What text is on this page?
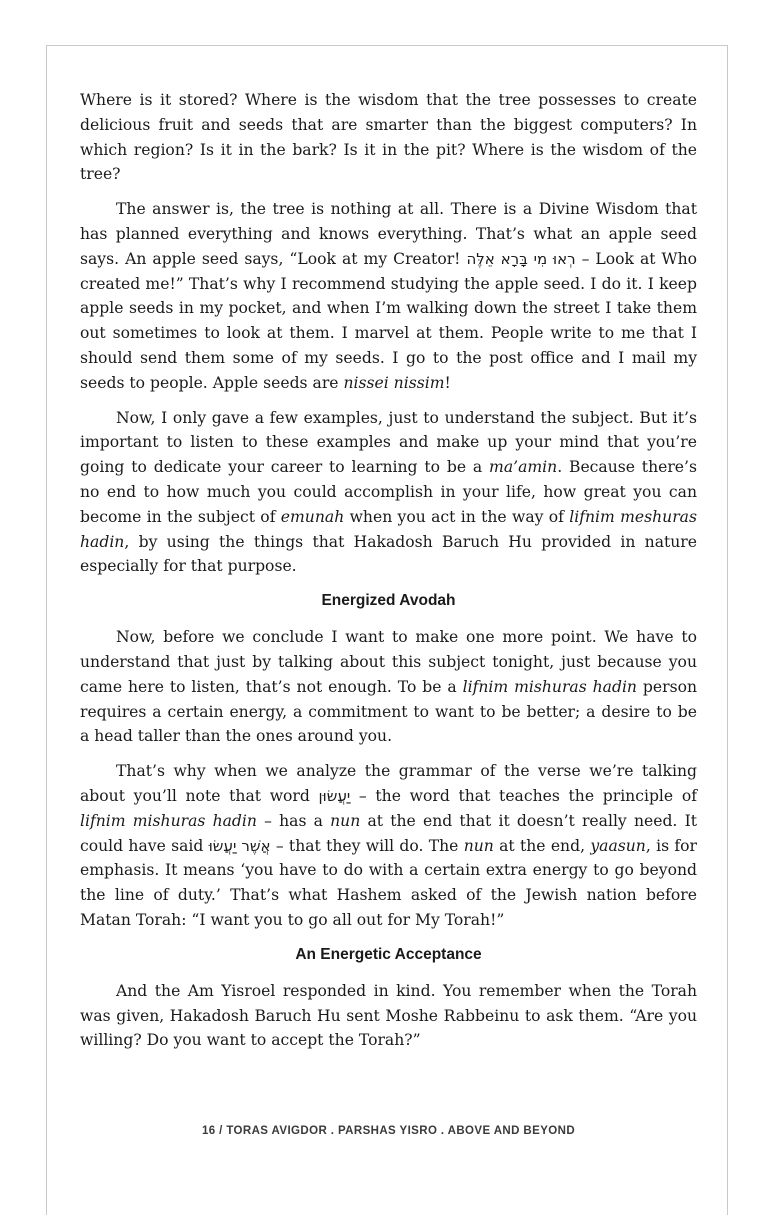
Where is it stored? Where is the wisdom that the tree possesses to create delicious fruit and seeds that are smarter than the biggest computers? In which region? Is it in the bark? Is it in the pit? Where is the wisdom of the tree?

The answer is, the tree is nothing at all. There is a Divine Wisdom that has planned everything and knows everything. That’s what an apple seed says. An apple seed says, “Look at my Creator! רְאוּ מִי בָּרָא אֵלֶּה – Look at Who created me!” That’s why I recommend studying the apple seed. I do it. I keep apple seeds in my pocket, and when I’m walking down the street I take them out sometimes to look at them. I marvel at them. People write to me that I should send them some of my seeds. I go to the post office and I mail my seeds to people. Apple seeds are nissei nissim!

Now, I only gave a few examples, just to understand the subject. But it’s important to listen to these examples and make up your mind that you’re going to dedicate your career to learning to be a ma’amin. Because there’s no end to how much you could accomplish in your life, how great you can become in the subject of emunah when you act in the way of lifnim meshuras hadin, by using the things that Hakadosh Baruch Hu provided in nature especially for that purpose.

Energized Avodah

Now, before we conclude I want to make one more point. We have to understand that just by talking about this subject tonight, just because you came here to listen, that’s not enough. To be a lifnim mishuras hadin person requires a certain energy, a commitment to want to be better; a desire to be a head taller than the ones around you.

That’s why when we analyze the grammar of the verse we’re talking about you’ll note that word יַעֲשׂוּן – the word that teaches the principle of lifnim mishuras hadin – has a nun at the end that it doesn’t really need. It could have said אֲשֶׁר יַעֲשׂוּ – that they will do. The nun at the end, yaasun, is for emphasis. It means ‘you have to do with a certain extra energy to go beyond the line of duty.’ That’s what Hashem asked of the Jewish nation before Matan Torah: “I want you to go all out for My Torah!”

An Energetic Acceptance

And the Am Yisroel responded in kind. You remember when the Torah was given, Hakadosh Baruch Hu sent Moshe Rabbeinu to ask them. “Are you willing? Do you want to accept the Torah?”

16 / TORAS AVIGDOR . PARSHAS YISRO . ABOVE AND BEYOND
